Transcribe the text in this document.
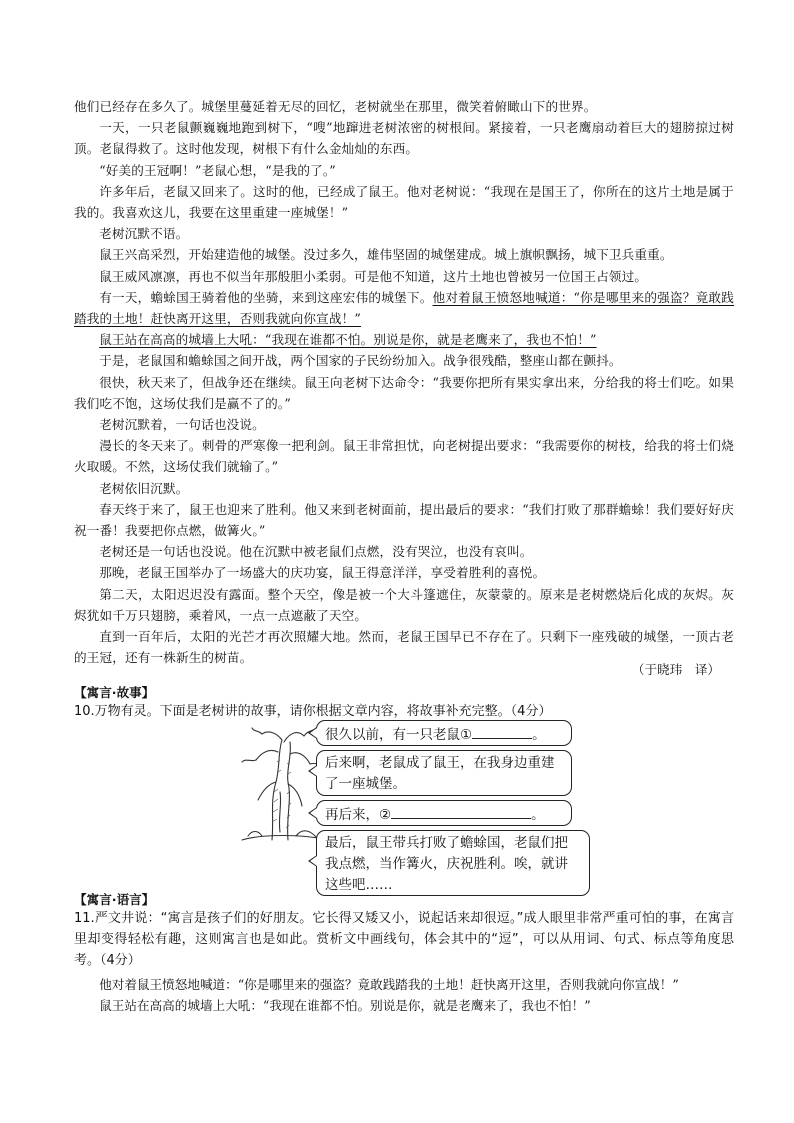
他们已经存在多久了。城堡里蔓延着无尽的回忆，老树就坐在那里，微笑着俯瞰山下的世界。

一天，一只老鼠颤巍巍地跑到树下，“嗖”地蹿进老树浓密的树根间。紧接着，一只老鹰扇动着巨大的翅膀掠过树顶。老鼠得救了。这时他发现，树根下有什么金灿灿的东西。

“好美的王冠啊！”老鼠心想，“是我的了。”

许多年后，老鼠又回来了。这时的他，已经成了鼠王。他对老树说：“我现在是国王了，你所在的这片土地是属于我的。我喜欢这儿，我要在这里重建一座城堡！”

老树沉默不语。

鼠王兴高采烈，开始建造他的城堡。没过多久，雄伟坚固的城堡建成。城上旗帜飘扬，城下卫兵重重。

鼠王威风凛凛，再也不似当年那般胆小柔弱。可是他不知道，这片土地也曾被另一位国王占领过。

有一天，蟾蜍国王骑着他的坐骑，来到这座宏伟的城堡下。他对着鼠王愤怒地喊道：“你是哪里来的强盗？竟敢践踏我的土地！赶快离开这里，否则我就向你宣战！”

鼠王站在高高的城墙上大吼：“我现在谁都不怕。别说是你，就是老鹰来了，我也不怕！”

于是，老鼠国和蟾蜍国之间开战，两个国家的子民纷纷加入。战争很残酷，整座山都在颤抖。

很快，秋天来了，但战争还在继续。鼠王向老树下达命令：“我要你把所有果实拿出来，分给我的将士们吃。如果我们吃不饱，这场仗我们是赢不了的。”

老树沉默着，一句话也没说。

漫长的冬天来了。刺骨的严寒像一把利剑。鼠王非常担忧，向老树提出要求：“我需要你的树枝，给我的将士们烧火取暖。不然，这场仗我们就输了。”

老树依旧沉默。

春天终于来了，鼠王也迎来了胜利。他又来到老树面前，提出最后的要求：“我们打败了那群蟾蜍！我们要好好庆祝一番！我要把你点燃，做篝火。”

老树还是一句话也没说。他在沉默中被老鼠们点燃，没有哭泣，也没有哀叫。

那晚，老鼠王国举办了一场盛大的庆功宴，鼠王得意洋洋，享受着胜利的喜悦。

第二天，太阳迟迟没有露面。整个天空，像是被一个大斗篷遮住，灰蒙蒙的。原来是老树燃烧后化成的灰烬。灰烬犹如千万只翅膀，乘着风，一点一点遮蔽了天空。

直到一百年后，太阳的光芒才再次照耀大地。然而，老鼠王国早已不存在了。只剩下一座残破的城堡，一顶古老的王冠，还有一株新生的树苗。

（于晓玮　译）
【寓言·故事】
10.万物有灵。下面是老树讲的故事，请你根据文章内容，将故事补充完整。（4分）
很久以前，有一只老鼠①	。
后来啊，老鼠成了鼠王，在我身边重建了一座城堡。
再后来，②	。
最后，鼠王带兵打败了蟾蜍国，老鼠们把我点燃，当作篝火，庆祝胜利。唉，就讲这些吧……
【寓言·语言】
11.严文井说：“寓言是孩子们的好朋友。它长得又矮又小，说起话来却很逗。”成人眼里非常严重可怕的事，在寓言里却变得轻松有趣，这则寓言也是如此。赏析文中画线句，体会其中的“逗”，可以从用词、句式、标点等角度思考。（4分）
他对着鼠王愤怒地喊道：“你是哪里来的强盗？竟敢践踏我的土地！赶快离开这里，否则我就向你宣战！”
鼠王站在高高的城墙上大吼：“我现在谁都不怕。别说是你，就是老鹰来了，我也不怕！”
